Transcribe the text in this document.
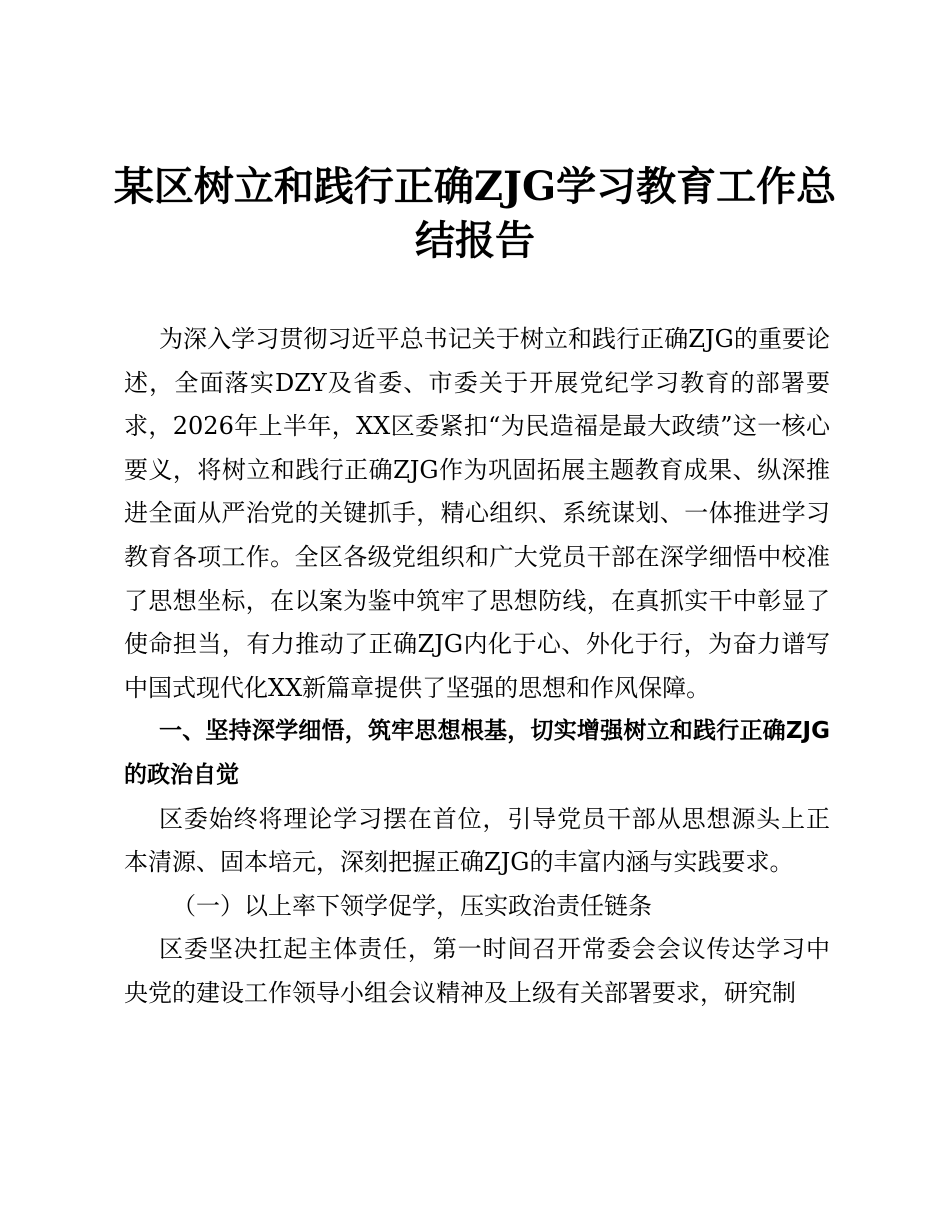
某区树立和践行正确ZJG学习教育工作总结报告

为深入学习贯彻习近平总书记关于树立和践行正确ZJG的重要论述，全面落实DZY及省委、市委关于开展党纪学习教育的部署要求，2026年上半年，XX区委紧扣“为民造福是最大政绩”这一核心要义，将树立和践行正确ZJG作为巩固拓展主题教育成果、纵深推进全面从严治党的关键抓手，精心组织、系统谋划、一体推进学习教育各项工作。全区各级党组织和广大党员干部在深学细悟中校准了思想坐标，在以案为鉴中筑牢了思想防线，在真抓实干中彰显了使命担当，有力推动了正确ZJG内化于心、外化于行，为奋力谱写中国式现代化XX新篇章提供了坚强的思想和作风保障。

一、坚持深学细悟，筑牢思想根基，切实增强树立和践行正确ZJG的政治自觉

区委始终将理论学习摆在首位，引导党员干部从思想源头上正本清源、固本培元，深刻把握正确ZJG的丰富内涵与实践要求。

（一）以上率下领学促学，压实政治责任链条

区委坚决扛起主体责任，第一时间召开常委会会议传达学习中央党的建设工作领导小组会议精神及上级有关部署要求，研究制
